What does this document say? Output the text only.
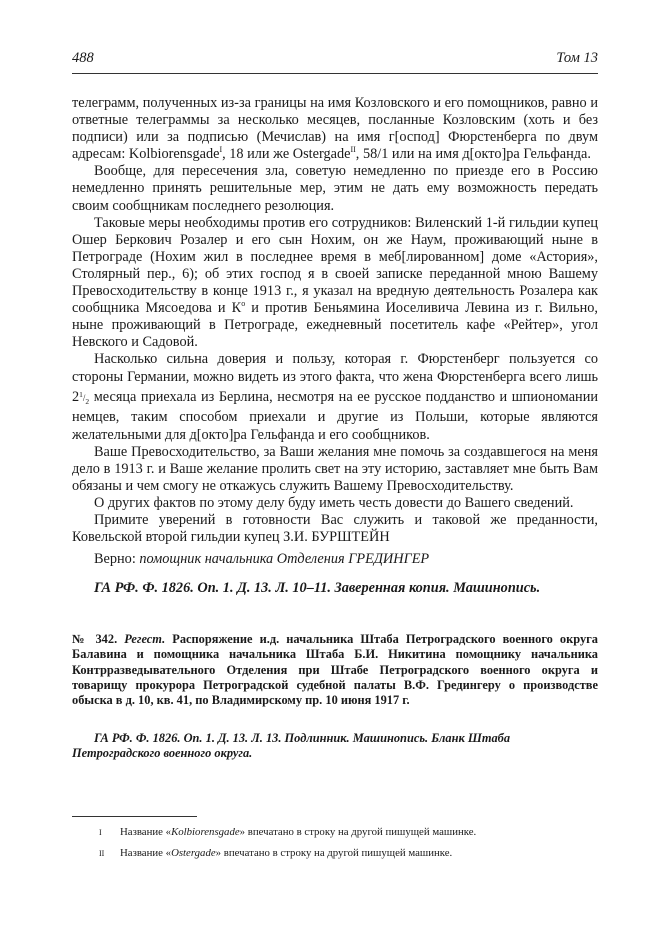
488	Том 13

телеграмм, полученных из-за границы на имя Козловского и его помощников, равно и ответные телеграммы за несколько месяцев, посланные Козловским (хоть и без подписи) или за подписью (Мечислав) на имя г[оспод] Фюрстенберга по двум адресам: Kolbiorensgade$^I$, 18 или же Ostergade$^{II}$, 58/1 или на имя д[окто]ра Гельфанда.

Вообще, для пересечения зла, советую немедленно по приезде его в Россию немедленно принять решительные мер, этим не дать ему возможность передать своим сообщникам последнего резолюция.

Таковые меры необходимы против его сотрудников: Виленский 1-й гильдии купец Ошер Беркович Розалер и его сын Нохим, он же Наум, проживающий ныне в Петрограде (Нохим жил в последнее время в меб[лированном] доме «Астория», Столярный пер., 6); об этих господ я в своей записке переданной мною Вашему Превосходительству в конце 1913 г., я указал на вредную деятельность Розалера как сообщника Мясоедова и $К^о$ и против Беньямина Иоселивича Левина из г. Вильно, ныне проживающий в Петрограде, ежедневный посетитель кафе «Рейтер», угол Невского и Садовой.

Насколько сильна доверия и пользу, которая г. Фюрстенберг пользуется со стороны Германии, можно видеть из этого факта, что жена Фюрстенберга всего лишь $2^1/_2$ месяца приехала из Берлина, несмотря на ее русское подданство и шпиономании немцев, таким способом приехали и другие из Польши, которые являются желательными для д[окто]ра Гельфанда и его сообщников.

Ваше Превосходительство, за Ваши желания мне помочь за создавшегося на меня дело в 1913 г. и Ваше желание пролить свет на эту историю, заставляет мне быть Вам обязаны и чем смогу не откажусь служить Вашему Превосходительству.

О других фактов по этому делу буду иметь честь довести до Вашего сведений.

Примите уверений в готовности Вас служить и таковой же преданности, Ковельской второй гильдии купец З.И. БУРШТЕЙН

Верно: помощник начальника Отделения ГРЕДИНГЕР

ГА РФ. Ф. 1826. Оп. 1. Д. 13. Л. 10–11. Заверенная копия. Машинопись.

№ 342. Регест. Распоряжение и.д. начальника Штаба Петроградского военного округа Балавина и помощника начальника Штаба Б.И. Никитина помощнику начальника Контрразведывательного Отделения при Штабе Петроградского военного округа и товарищу прокурора Петроградской судебной палаты В.Ф. Гредингеру о производстве обыска в д. 10, кв. 41, по Владимирскому пр. 10 июня 1917 г.
ГА РФ. Ф. 1826. Оп. 1. Д. 13. Л. 13. Подлинник. Машинопись. Бланк Штаба Петроградского военного округа.
I Название «Kolbiorensgade» впечатано в строку на другой пишущей машинке.
II Название «Ostergade» впечатано в строку на другой пишущей машинке.
